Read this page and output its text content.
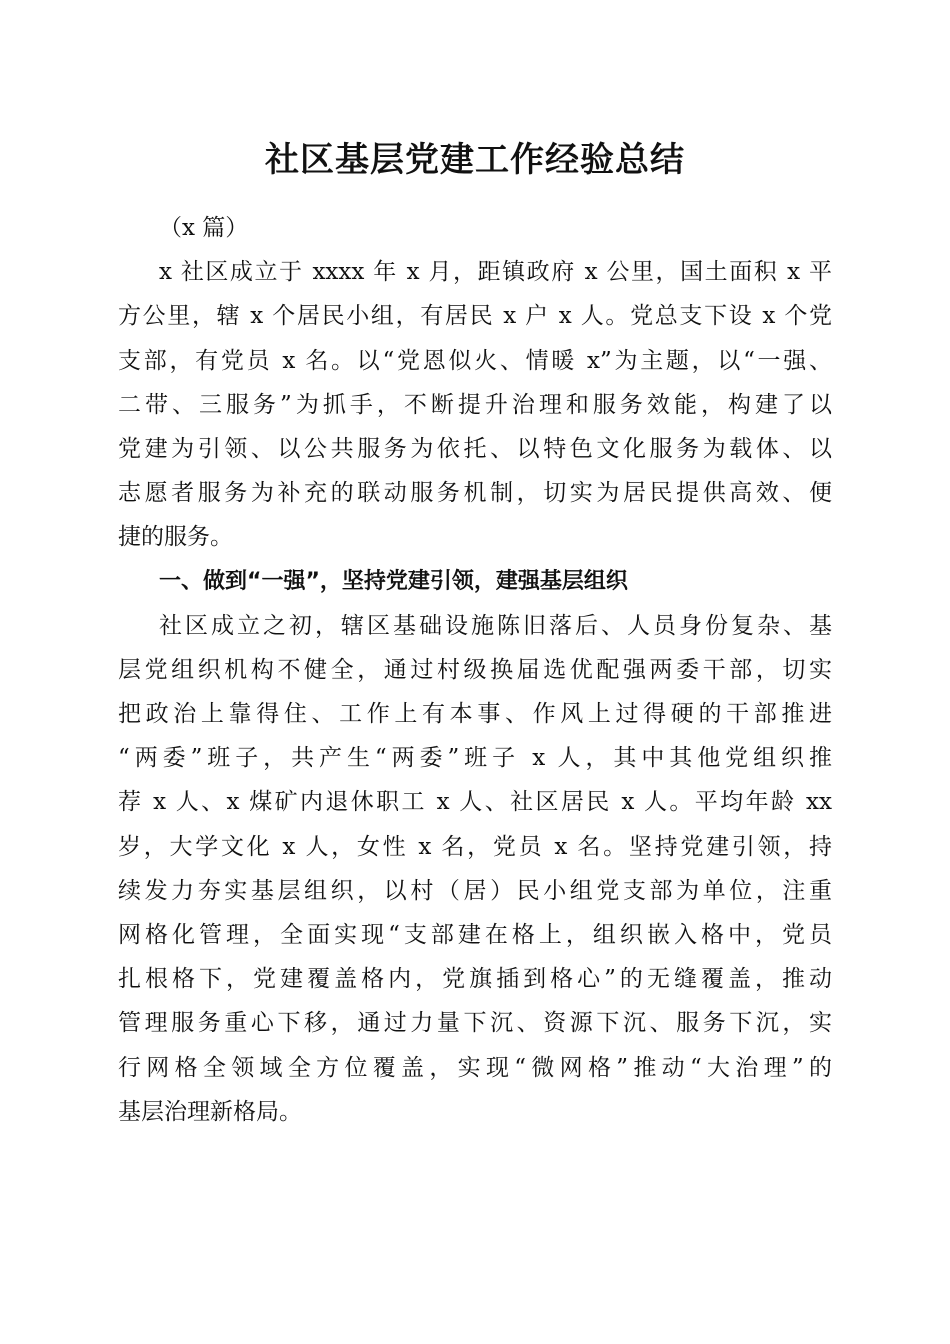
社区基层党建工作经验总结
（x 篇）
x 社区成立于 xxxx 年 x 月，距镇政府 x 公里，国土面积 x 平
方公里，辖 x 个居民小组，有居民 x 户 x 人。党总支下设 x 个党
支部，有党员 x 名。以“党恩似火、情暖 x”为主题，以“一强、
二带、三服务”为抓手，不断提升治理和服务效能，构建了以
党建为引领、以公共服务为依托、以特色文化服务为载体、以
志愿者服务为补充的联动服务机制，切实为居民提供高效、便
捷的服务。
一、做到“一强”，坚持党建引领，建强基层组织
社区成立之初，辖区基础设施陈旧落后、人员身份复杂、基
层党组织机构不健全，通过村级换届选优配强两委干部，切实
把政治上靠得住、工作上有本事、作风上过得硬的干部推进
“两委”班子，共产生“两委”班子 x 人，其中其他党组织推
荐 x 人、x 煤矿内退休职工 x 人、社区居民 x 人。平均年龄 xx
岁，大学文化 x 人，女性 x 名，党员 x 名。坚持党建引领，持
续发力夯实基层组织，以村（居）民小组党支部为单位，注重
网格化管理，全面实现“支部建在格上，组织嵌入格中，党员
扎根格下，党建覆盖格内，党旗插到格心”的无缝覆盖，推动
管理服务重心下移，通过力量下沉、资源下沉、服务下沉，实
行网格全领域全方位覆盖，实现“微网格”推动“大治理”的
基层治理新格局。
